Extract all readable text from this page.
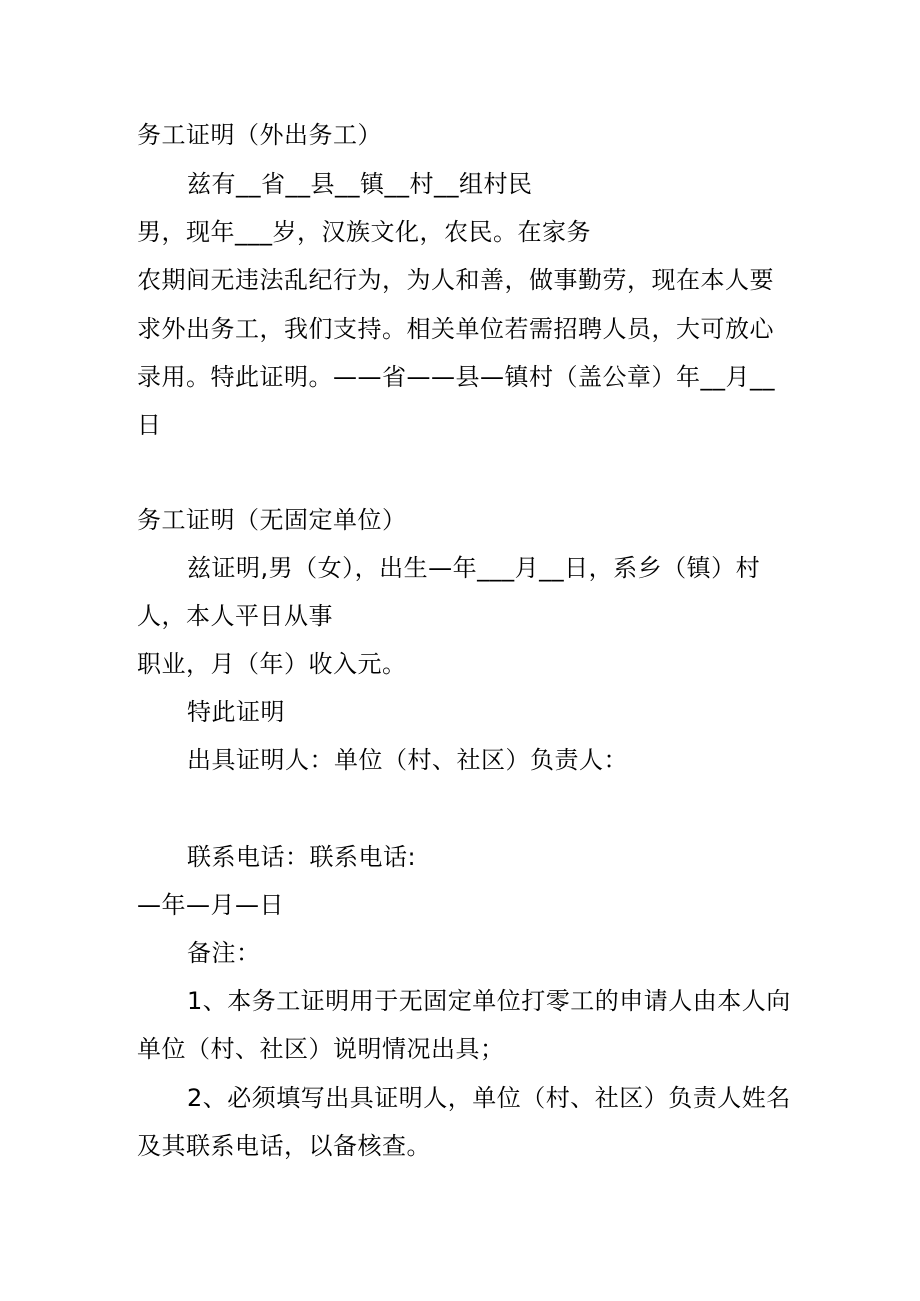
务工证明（外出务工）
兹有__省__县__镇__村__组村民
男，现年___岁，汉族文化，农民。在家务
农期间无违法乱纪行为，为人和善，做事勤劳，现在本人要
求外出务工，我们支持。相关单位若需招聘人员，大可放心
录用。特此证明。——省——县—镇村（盖公章）年__月__
日
务工证明（无固定单位）
兹证明,男（女），出生—年___月__日，系乡（镇）村
人，本人平日从事
职业，月（年）收入元。
特此证明
出具证明人：单位（村、社区）负责人：
联系电话：联系电话:
—年—月—日
备注：
1、本务工证明用于无固定单位打零工的申请人由本人向
单位（村、社区）说明情况出具；
2、必须填写出具证明人，单位（村、社区）负责人姓名
及其联系电话，以备核查。
